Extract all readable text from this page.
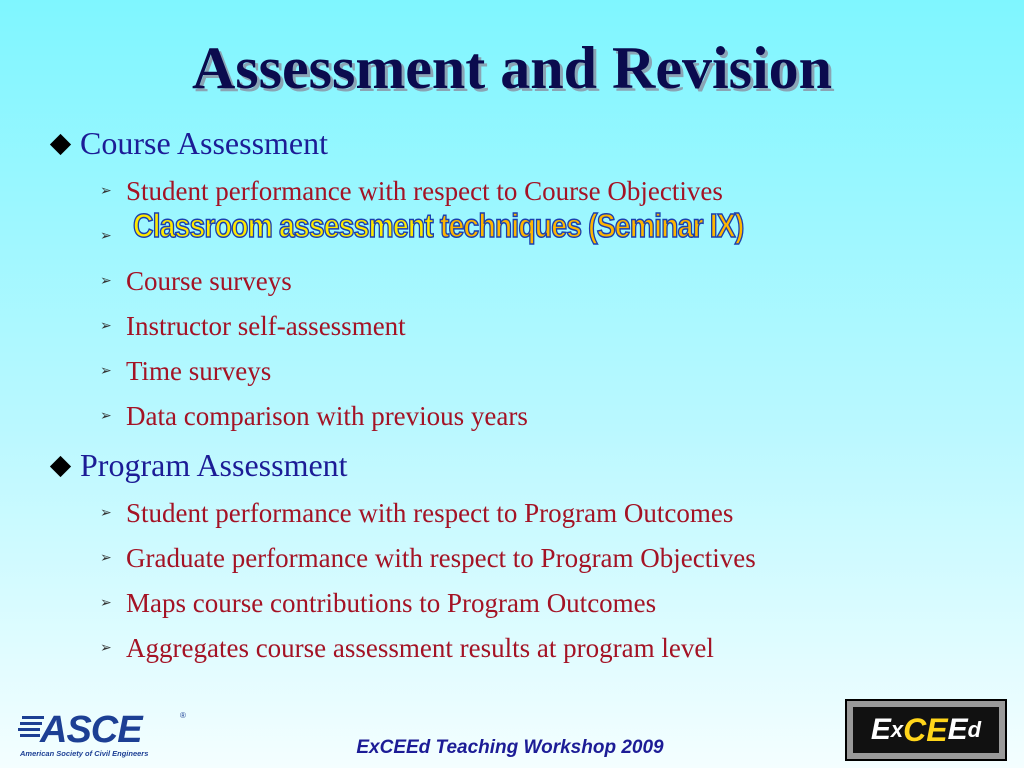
Assessment and Revision
Course Assessment
➢ Student performance with respect to Course Objectives
➢ Classroom assessment techniques (Seminar IX)
➢ Course surveys
➢ Instructor self-assessment
➢ Time surveys
➢ Data comparison with previous years
Program Assessment
➢ Student performance with respect to Program Outcomes
➢ Graduate performance with respect to Program Objectives
➢ Maps course contributions to Program Outcomes
➢ Aggregates course assessment results at program level
ASCE	®
American Society of Civil Engineers	ExCEEd Teaching Workshop 2009
E x C E E d
